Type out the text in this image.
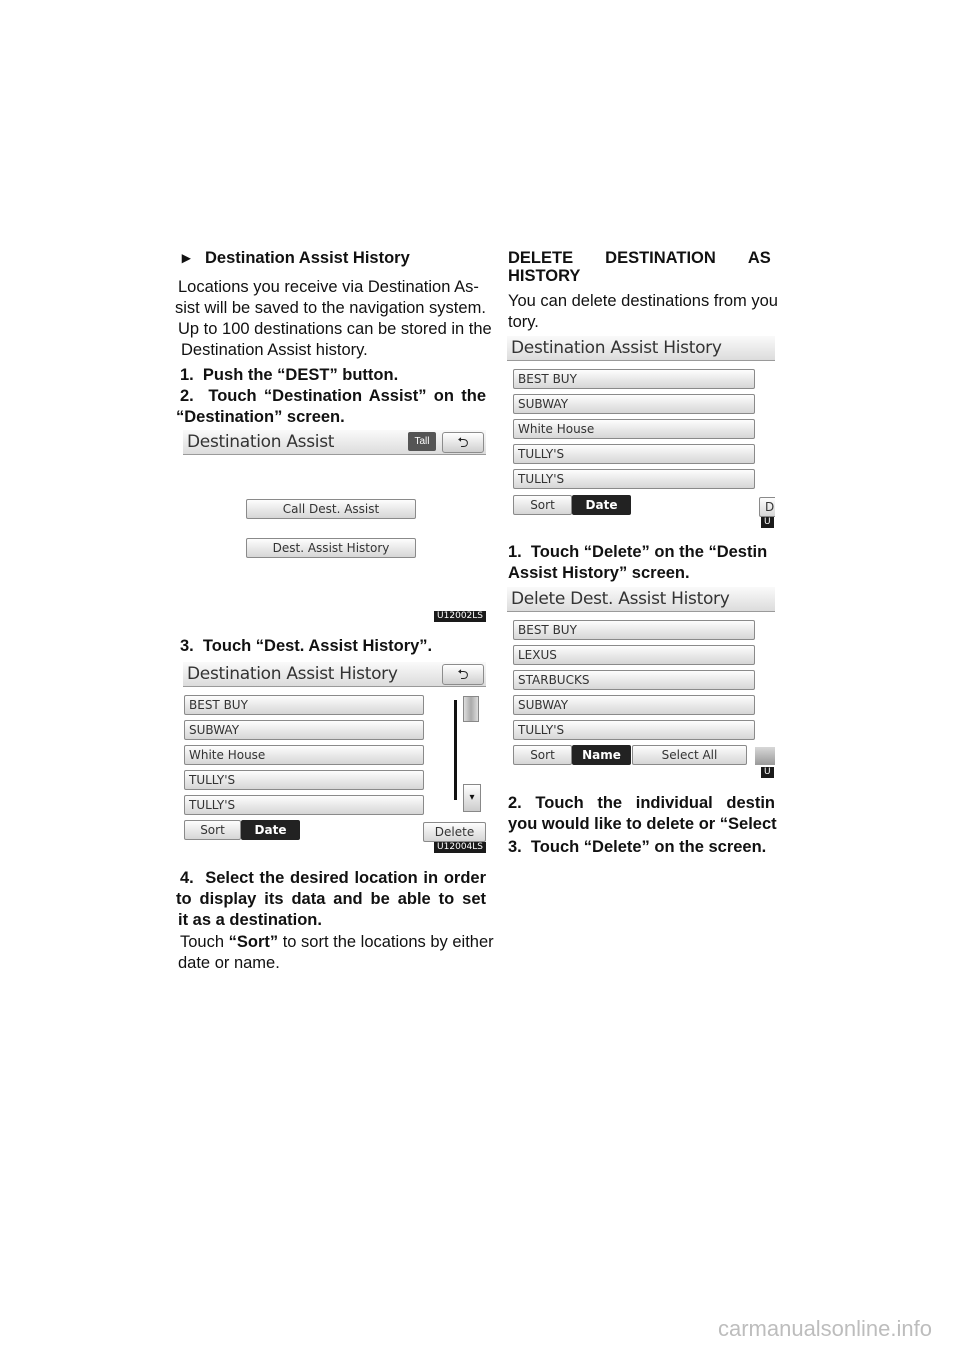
▸ Destination Assist History
Locations you receive via Destination As-
sist will be saved to the navigation system.
Up to 100 destinations can be stored in the
Destination Assist history.
1.  Push the “DEST” button.
2.  Touch “Destination Assist” on the
“Destination” screen.
Destination Assist	Tall	⮌
Call Dest. Assist
Dest. Assist History
U12002LS
3.  Touch “Dest. Assist History”.
Destination Assist History	⮌
BEST BUY
SUBWAY
White House
TULLY'S
TULLY'S
▾
Sort	Date	Delete
U12004LS
4.  Select the desired location in order
to display its data and be able to set
it as a destination.
Touch “Sort” to sort the locations by either
date or name.
DELETE       DESTINATION       AS
HISTORY
You can delete destinations from you
tory.
Destination Assist History
BEST BUY
SUBWAY
White House
TULLY'S
TULLY'S
Sort	Date	D
U
1.  Touch “Delete” on the “Destin
Assist History” screen.
Delete Dest. Assist History
BEST BUY
LEXUS
STARBUCKS
SUBWAY
TULLY'S
Sort	Name	Select All
U
2.  Touch  the  individual  destin
you would like to delete or “Select
3.  Touch “Delete” on the screen.
carmanualsonline.info
